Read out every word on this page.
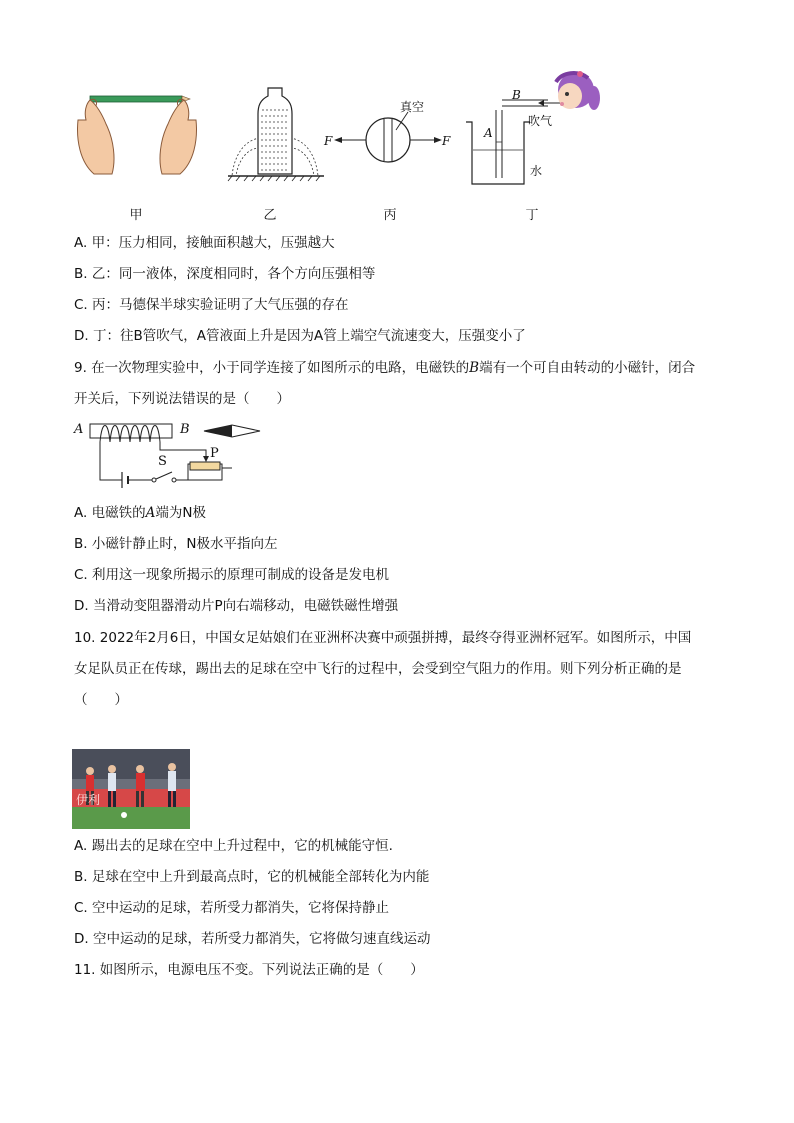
真空
F	F
B
A
吹气
水
甲	乙	丙	丁
A. 甲：压力相同，接触面积越大，压强越大
B. 乙：同一液体，深度相同时，各个方向压强相等
C. 丙：马德保半球实验证明了大气压强的存在
D. 丁：往B管吹气，A管液面上升是因为A管上端空气流速变大，压强变小了
9. 在一次物理实验中，小于同学连接了如图所示的电路，电磁铁的B端有一个可自由转动的小磁针，闭合
开关后，下列说法错误的是（　　）
A	B
S
P
A. 电磁铁的A端为N极
B. 小磁针静止时，N极水平指向左
C. 利用这一现象所揭示的原理可制成的设备是发电机
D. 当滑动变阻器滑动片P向右端移动，电磁铁磁性增强
10. 2022年2月6日，中国女足姑娘们在亚洲杯决赛中顽强拼搏，最终夺得亚洲杯冠军。如图所示，中国
女足队员正在传球，踢出去的足球在空中飞行的过程中，会受到空气阻力的作用。则下列分析正确的是
（　　）
伊利
A. 踢出去的足球在空中上升过程中，它的机械能守恒.
B. 足球在空中上升到最高点时，它的机械能全部转化为内能
C. 空中运动的足球，若所受力都消失，它将保持静止
D. 空中运动的足球，若所受力都消失，它将做匀速直线运动
11. 如图所示，电源电压不变。下列说法正确的是（　　）
